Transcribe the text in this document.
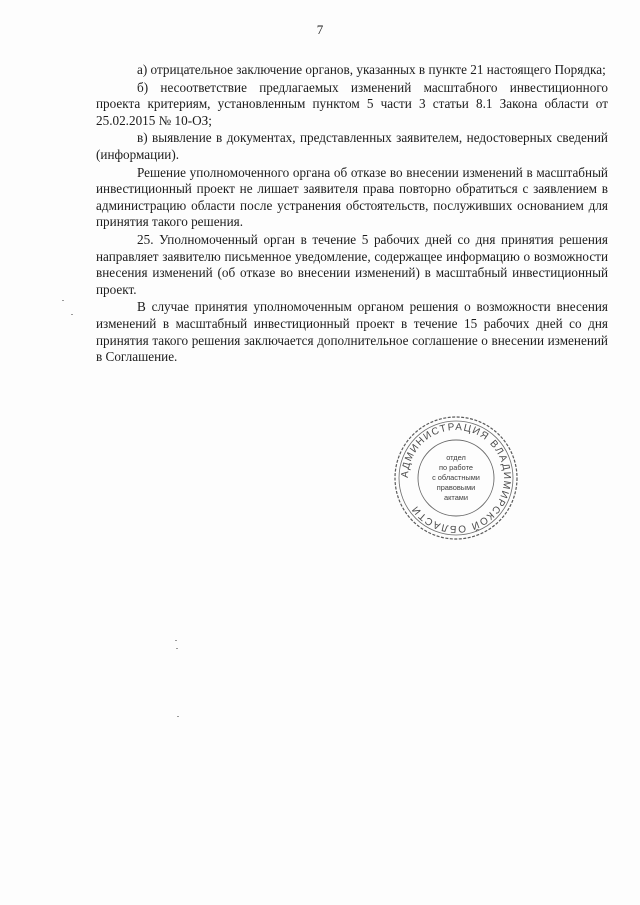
7

а) отрицательное заключение органов, указанных в пункте 21 настоящего Порядка;

б) несоответствие предлагаемых изменений масштабного инвестиционного проекта критериям, установленным пунктом 5 части 3 статьи 8.1 Закона области от 25.02.2015 № 10-ОЗ;

в) выявление в документах, представленных заявителем, недостоверных сведений (информации).

Решение уполномоченного органа об отказе во внесении изменений в масштабный инвестиционный проект не лишает заявителя права повторно обратиться с заявлением в администрацию области после устранения обстоятельств, послуживших основанием для принятия такого решения.

25. Уполномоченный орган в течение 5 рабочих дней со дня принятия решения направляет заявителю письменное уведомление, содержащее информацию о возможности внесения изменений (об отказе во внесении изменений) в масштабный инвестиционный проект.

В случае принятия уполномоченным органом решения о возможности внесения изменений в масштабный инвестиционный проект в течение 15 рабочих дней со дня принятия такого решения заключается дополнительное соглашение о внесении изменений в Соглашение.

АДМИНИСТРАЦИЯ ВЛАДИМИРСКОЙ ОБЛАСТИ
отдел
по работе
с областными
правовыми
актами
